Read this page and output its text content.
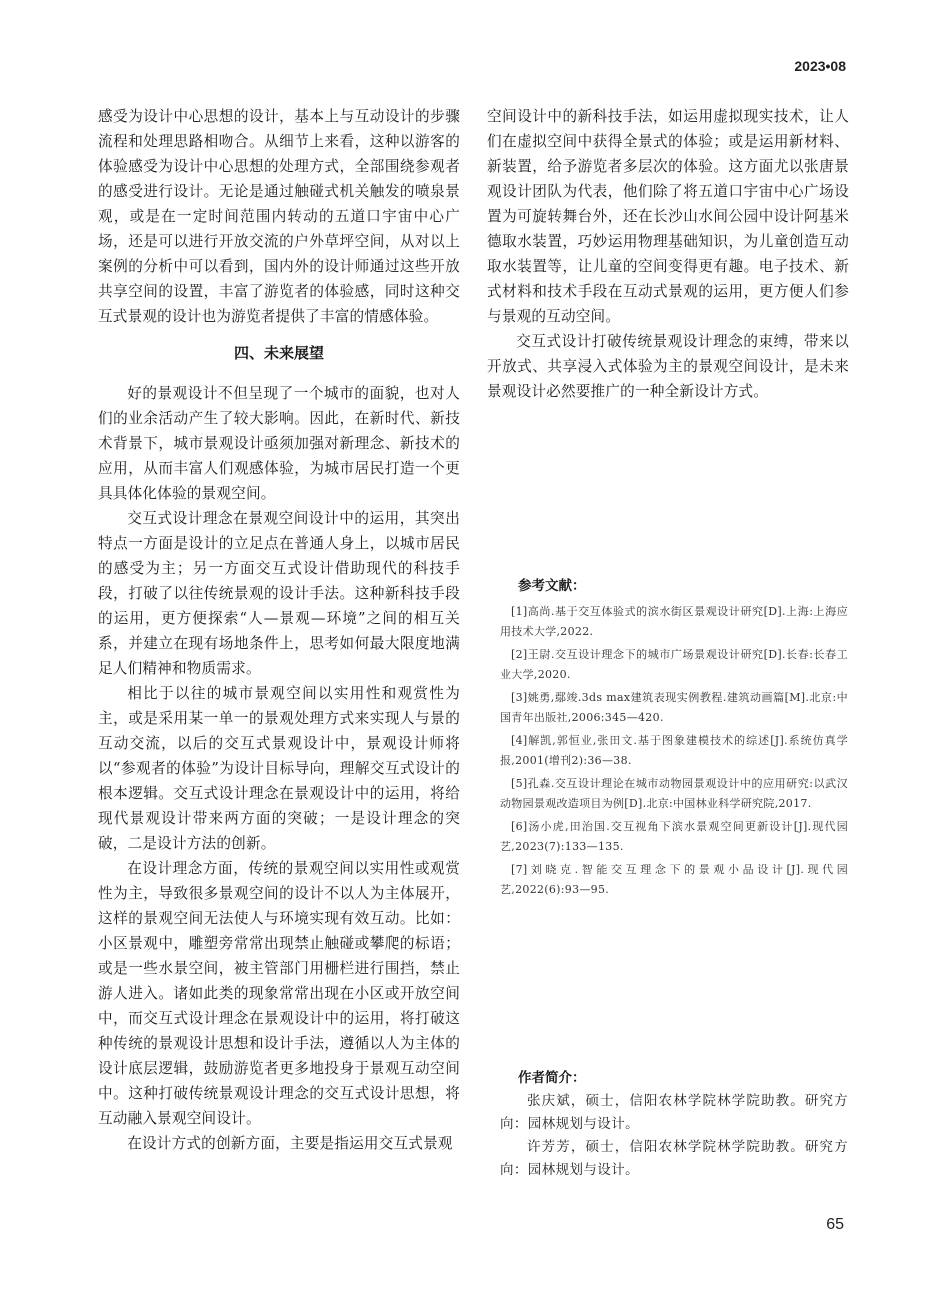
2023•08

感受为设计中心思想的设计，基本上与互动设计的步骤流程和处理思路相吻合。从细节上来看，这种以游客的体验感受为设计中心思想的处理方式，全部围绕参观者的感受进行设计。无论是通过触碰式机关触发的喷泉景观，或是在一定时间范围内转动的五道口宇宙中心广场，还是可以进行开放交流的户外草坪空间，从对以上案例的分析中可以看到，国内外的设计师通过这些开放共享空间的设置，丰富了游览者的体验感，同时这种交互式景观的设计也为游览者提供了丰富的情感体验。

四、未来展望

好的景观设计不但呈现了一个城市的面貌，也对人们的业余活动产生了较大影响。因此，在新时代、新技术背景下，城市景观设计亟须加强对新理念、新技术的应用，从而丰富人们观感体验，为城市居民打造一个更具具体化体验的景观空间。

交互式设计理念在景观空间设计中的运用，其突出特点一方面是设计的立足点在普通人身上，以城市居民的感受为主；另一方面交互式设计借助现代的科技手段，打破了以往传统景观的设计手法。这种新科技手段的运用，更方便探索“人—景观—环境”之间的相互关系，并建立在现有场地条件上，思考如何最大限度地满足人们精神和物质需求。

相比于以往的城市景观空间以实用性和观赏性为主，或是采用某一单一的景观处理方式来实现人与景的互动交流，以后的交互式景观设计中，景观设计师将以“参观者的体验”为设计目标导向，理解交互式设计的根本逻辑。交互式设计理念在景观设计中的运用，将给现代景观设计带来两方面的突破；一是设计理念的突破，二是设计方法的创新。

在设计理念方面，传统的景观空间以实用性或观赏性为主，导致很多景观空间的设计不以人为主体展开，这样的景观空间无法使人与环境实现有效互动。比如：小区景观中，雕塑旁常常出现禁止触碰或攀爬的标语；或是一些水景空间，被主管部门用栅栏进行围挡，禁止游人进入。诸如此类的现象常常出现在小区或开放空间中，而交互式设计理念在景观设计中的运用，将打破这种传统的景观设计思想和设计手法，遵循以人为主体的设计底层逻辑，鼓励游览者更多地投身于景观互动空间中。这种打破传统景观设计理念的交互式设计思想，将互动融入景观空间设计。

在设计方式的创新方面，主要是指运用交互式景观

空间设计中的新科技手法，如运用虚拟现实技术，让人们在虚拟空间中获得全景式的体验；或是运用新材料、新装置，给予游览者多层次的体验。这方面尤以张唐景观设计团队为代表，他们除了将五道口宇宙中心广场设置为可旋转舞台外，还在长沙山水间公园中设计阿基米德取水装置，巧妙运用物理基础知识，为儿童创造互动取水装置等，让儿童的空间变得更有趣。电子技术、新式材料和技术手段在互动式景观的运用，更方便人们参与景观的互动空间。

交互式设计打破传统景观设计理念的束缚，带来以开放式、共享浸入式体验为主的景观空间设计，是未来景观设计必然要推广的一种全新设计方式。

参考文献：
[1]高尚.基于交互体验式的滨水街区景观设计研究[D].上海:上海应用技术大学,2022.
[2]王尉.交互设计理念下的城市广场景观设计研究[D].长春:长春工业大学,2020.
[3]姚勇,鄢竣.3ds max建筑表现实例教程.建筑动画篇[M].北京:中国青年出版社,2006:345—420.
[4]解凯,郭恒业,张田文.基于图象建模技术的综述[J].系统仿真学报,2001(增刊2):36—38.
[5]孔森.交互设计理论在城市动物园景观设计中的应用研究:以武汉动物园景观改造项目为例[D].北京:中国林业科学研究院,2017.
[6]汤小虎,田治国.交互视角下滨水景观空间更新设计[J].现代园艺,2023(7):133—135.
[7]刘晓克.智能交互理念下的景观小品设计[J].现代园艺,2022(6):93—95.
作者简介：

张庆斌，硕士，信阳农林学院林学院助教。研究方向：园林规划与设计。

许芳芳，硕士，信阳农林学院林学院助教。研究方向：园林规划与设计。

65
